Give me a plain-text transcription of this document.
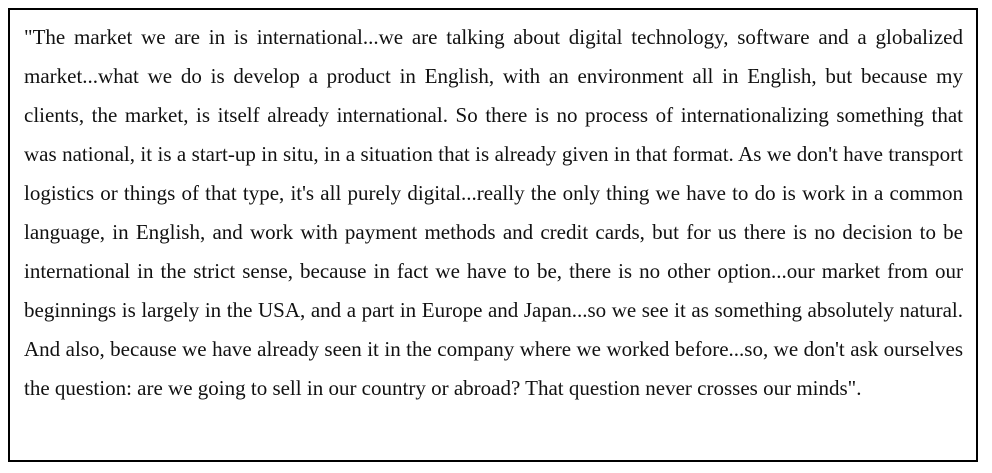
"The market we are in is international...we are talking about digital technology, software and a globalized market...what we do is develop a product in English, with an environment all in English, but because my clients, the market, is itself already international. So there is no process of internationalizing something that was national, it is a start-up in situ, in a situation that is already given in that format. As we don't have transport logistics or things of that type, it's all purely digital...really the only thing we have to do is work in a common language, in English, and work with payment methods and credit cards, but for us there is no decision to be international in the strict sense, because in fact we have to be, there is no other option...our market from our beginnings is largely in the USA, and a part in Europe and Japan...so we see it as something absolutely natural. And also, because we have already seen it in the company where we worked before...so, we don't ask ourselves the question: are we going to sell in our country or abroad? That question never crosses our minds".
